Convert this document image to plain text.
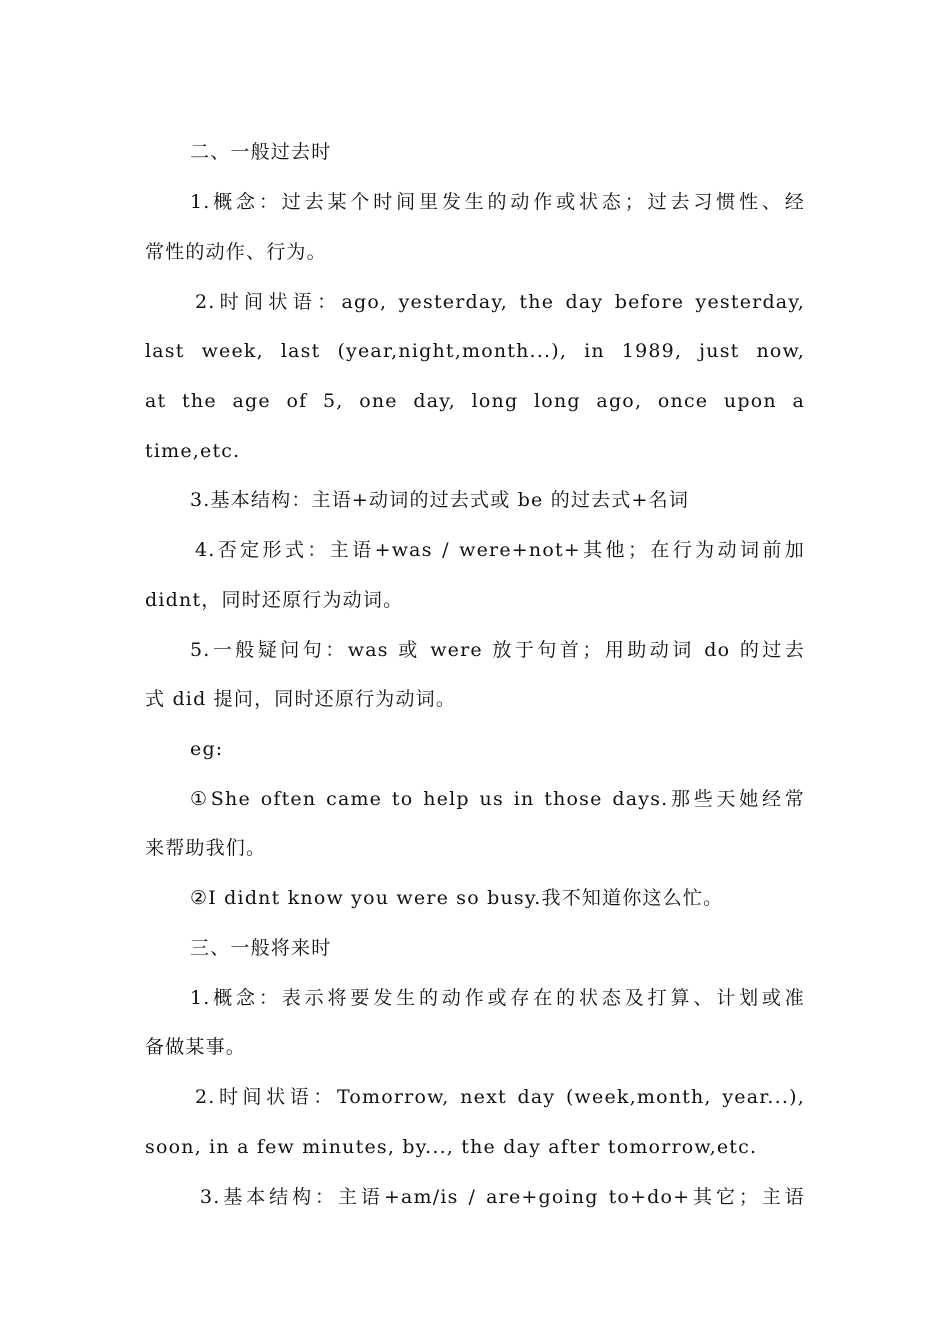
二、一般过去时
1.概念：过去某个时间里发生的动作或状态；过去习惯性、经
常性的动作、行为。
2.时间状语：ago, yesterday, the day before yesterday,
last week, last (year,night,month...), in 1989, just now,
at the age of 5, one day, long long ago, once upon a
time,etc.
3.基本结构：主语+动词的过去式或 be 的过去式+名词
4.否定形式：主语+was / were+not+其他；在行为动词前加
didnt，同时还原行为动词。
5.一般疑问句：was 或 were 放于句首；用助动词 do 的过去
式 did 提问，同时还原行为动词。
eg:
①She often came to help us in those days.那些天她经常
来帮助我们。
②I didnt know you were so busy.我不知道你这么忙。
三、一般将来时
1.概念：表示将要发生的动作或存在的状态及打算、计划或准
备做某事。
2.时间状语：Tomorrow, next day (week,month, year...),
soon, in a few minutes, by..., the day after tomorrow,etc.
3.基本结构：主语+am/is / are+going to+do+其它；主语
